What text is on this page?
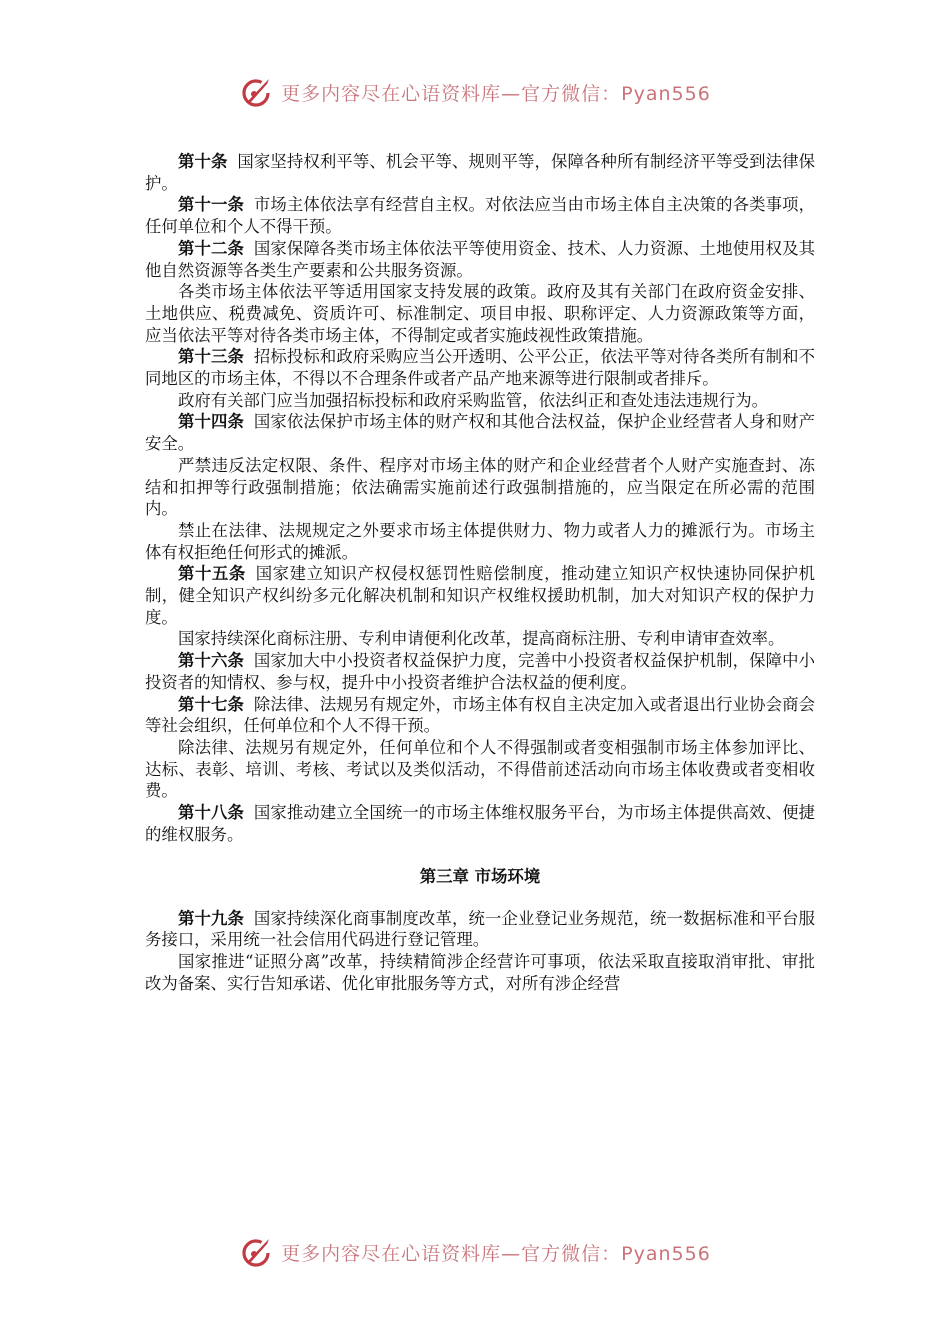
更多内容尽在心语资料库—官方微信：Pyan556

第十条 国家坚持权利平等、机会平等、规则平等，保障各种所有制经济平等受到法律保护。

第十一条 市场主体依法享有经营自主权。对依法应当由市场主体自主决策的各类事项，任何单位和个人不得干预。

第十二条 国家保障各类市场主体依法平等使用资金、技术、人力资源、土地使用权及其他自然资源等各类生产要素和公共服务资源。

各类市场主体依法平等适用国家支持发展的政策。政府及其有关部门在政府资金安排、土地供应、税费减免、资质许可、标准制定、项目申报、职称评定、人力资源政策等方面，应当依法平等对待各类市场主体，不得制定或者实施歧视性政策措施。

第十三条 招标投标和政府采购应当公开透明、公平公正，依法平等对待各类所有制和不同地区的市场主体，不得以不合理条件或者产品产地来源等进行限制或者排斥。

政府有关部门应当加强招标投标和政府采购监管，依法纠正和查处违法违规行为。

第十四条 国家依法保护市场主体的财产权和其他合法权益，保护企业经营者人身和财产安全。

严禁违反法定权限、条件、程序对市场主体的财产和企业经营者个人财产实施查封、冻结和扣押等行政强制措施；依法确需实施前述行政强制措施的，应当限定在所必需的范围内。

禁止在法律、法规规定之外要求市场主体提供财力、物力或者人力的摊派行为。市场主体有权拒绝任何形式的摊派。

第十五条 国家建立知识产权侵权惩罚性赔偿制度，推动建立知识产权快速协同保护机制，健全知识产权纠纷多元化解决机制和知识产权维权援助机制，加大对知识产权的保护力度。

国家持续深化商标注册、专利申请便利化改革，提高商标注册、专利申请审查效率。

第十六条 国家加大中小投资者权益保护力度，完善中小投资者权益保护机制，保障中小投资者的知情权、参与权，提升中小投资者维护合法权益的便利度。

第十七条 除法律、法规另有规定外，市场主体有权自主决定加入或者退出行业协会商会等社会组织，任何单位和个人不得干预。

除法律、法规另有规定外，任何单位和个人不得强制或者变相强制市场主体参加评比、达标、表彰、培训、考核、考试以及类似活动，不得借前述活动向市场主体收费或者变相收费。

第十八条 国家推动建立全国统一的市场主体维权服务平台，为市场主体提供高效、便捷的维权服务。

第三章 市场环境

第十九条 国家持续深化商事制度改革，统一企业登记业务规范，统一数据标准和平台服务接口，采用统一社会信用代码进行登记管理。

国家推进“证照分离”改革，持续精简涉企经营许可事项，依法采取直接取消审批、审批改为备案、实行告知承诺、优化审批服务等方式，对所有涉企经营

更多内容尽在心语资料库—官方微信：Pyan556
